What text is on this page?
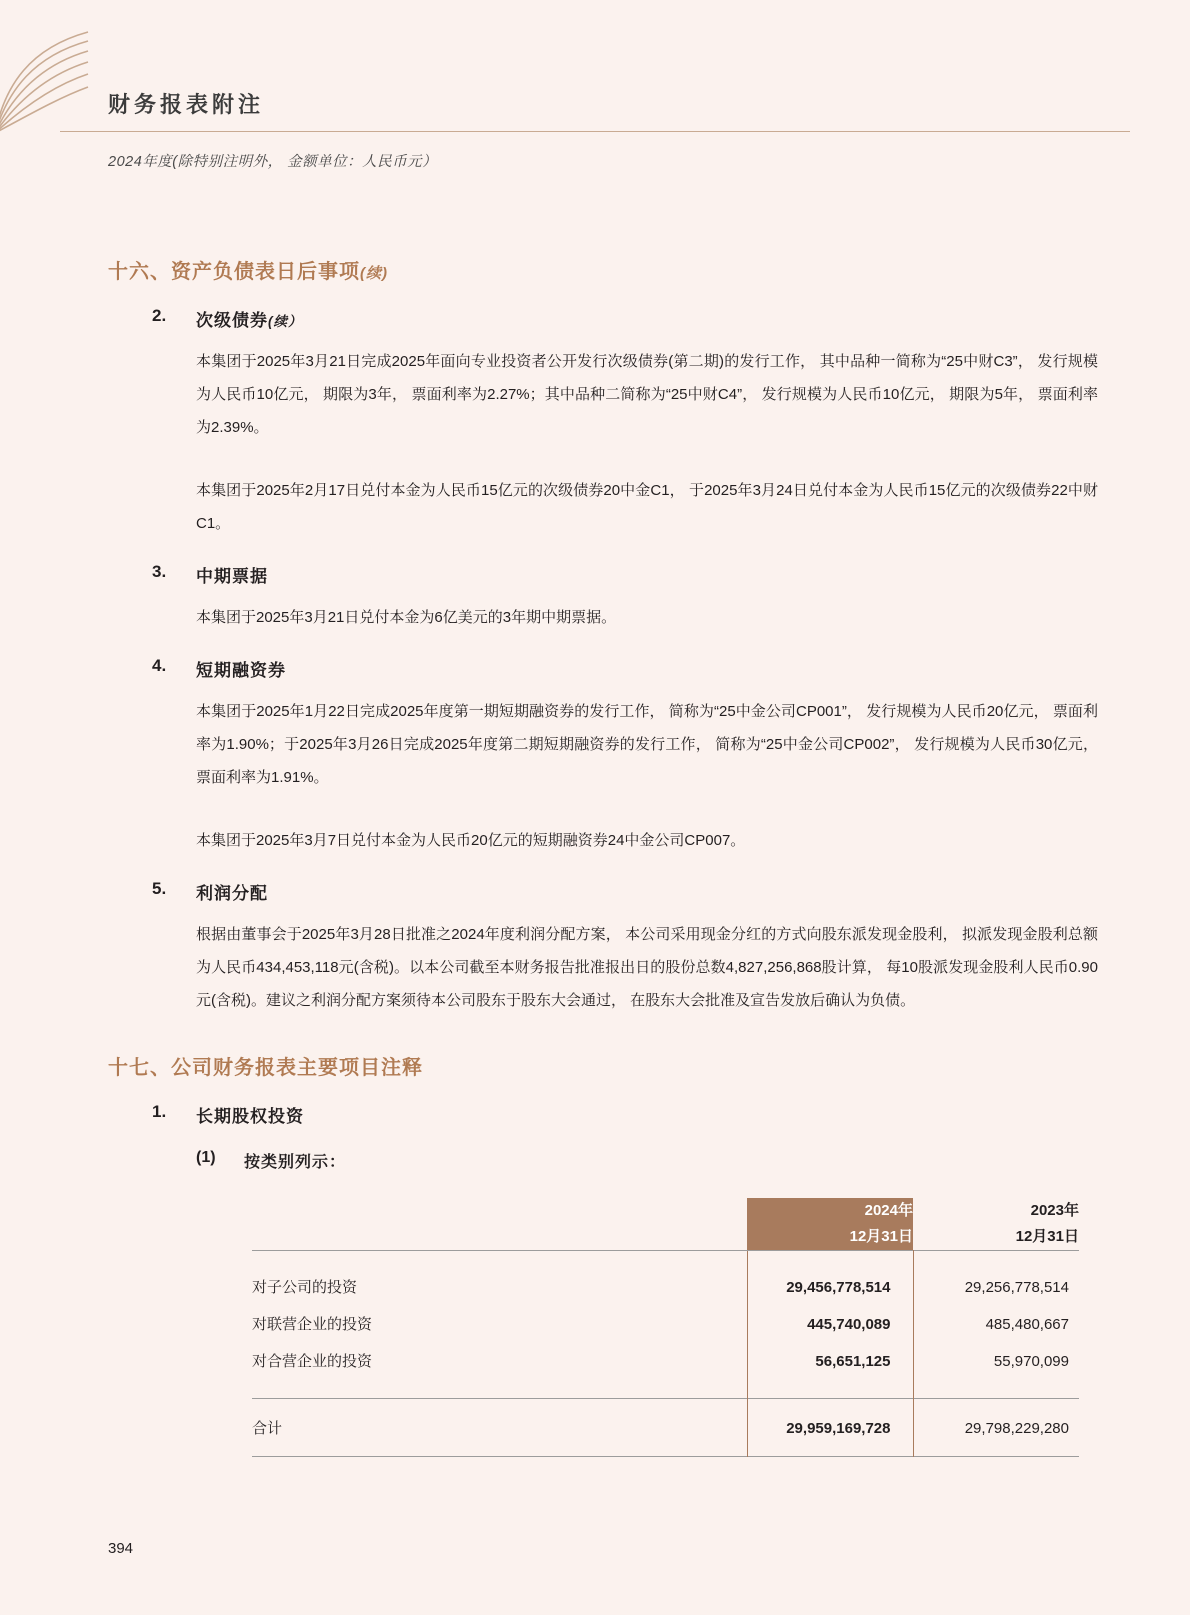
财务报表附注
2024年度(除特别注明外， 金额单位：人民币元）
十六、资产负债表日后事项(续)
2. 次级债券(续）
本集团于2025年3月21日完成2025年面向专业投资者公开发行次级债券(第二期)的发行工作， 其中品种一简称为“25中财C3”， 发行规模为人民币10亿元， 期限为3年， 票面利率为2.27%；其中品种二简称为“25中财C4”， 发行规模为人民币10亿元， 期限为5年， 票面利率为2.39%。
本集团于2025年2月17日兑付本金为人民币15亿元的次级债券20中金C1， 于2025年3月24日兑付本金为人民币15亿元的次级债券22中财C1。
3. 中期票据
本集团于2025年3月21日兑付本金为6亿美元的3年期中期票据。
4. 短期融资券
本集团于2025年1月22日完成2025年度第一期短期融资券的发行工作， 简称为“25中金公司CP001”， 发行规模为人民币20亿元， 票面利率为1.90%；于2025年3月26日完成2025年度第二期短期融资券的发行工作， 简称为“25中金公司CP002”， 发行规模为人民币30亿元， 票面利率为1.91%。
本集团于2025年3月7日兑付本金为人民币20亿元的短期融资券24中金公司CP007。
5. 利润分配
根据由董事会于2025年3月28日批准之2024年度利润分配方案， 本公司采用现金分红的方式向股东派发现金股利， 拟派发现金股利总额为人民币434,453,118元(含税)。以本公司截至本财务报告批准报出日的股份总数4,827,256,868股计算， 每10股派发现金股利人民币0.90元(含税)。建议之利润分配方案须待本公司股东于股东大会通过， 在股东大会批准及宣告发放后确认为负债。
十七、公司财务报表主要项目注释
1. 长期股权投资
(1) 按类别列示：

2024年
12月31日

2023年
12月31日

对子公司的投资	29,456,778,514	29,256,778,514
对联营企业的投资	445,740,089	485,480,667
对合营企业的投资	56,651,125	55,970,099

合计	29,959,169,728	29,798,229,280

394
